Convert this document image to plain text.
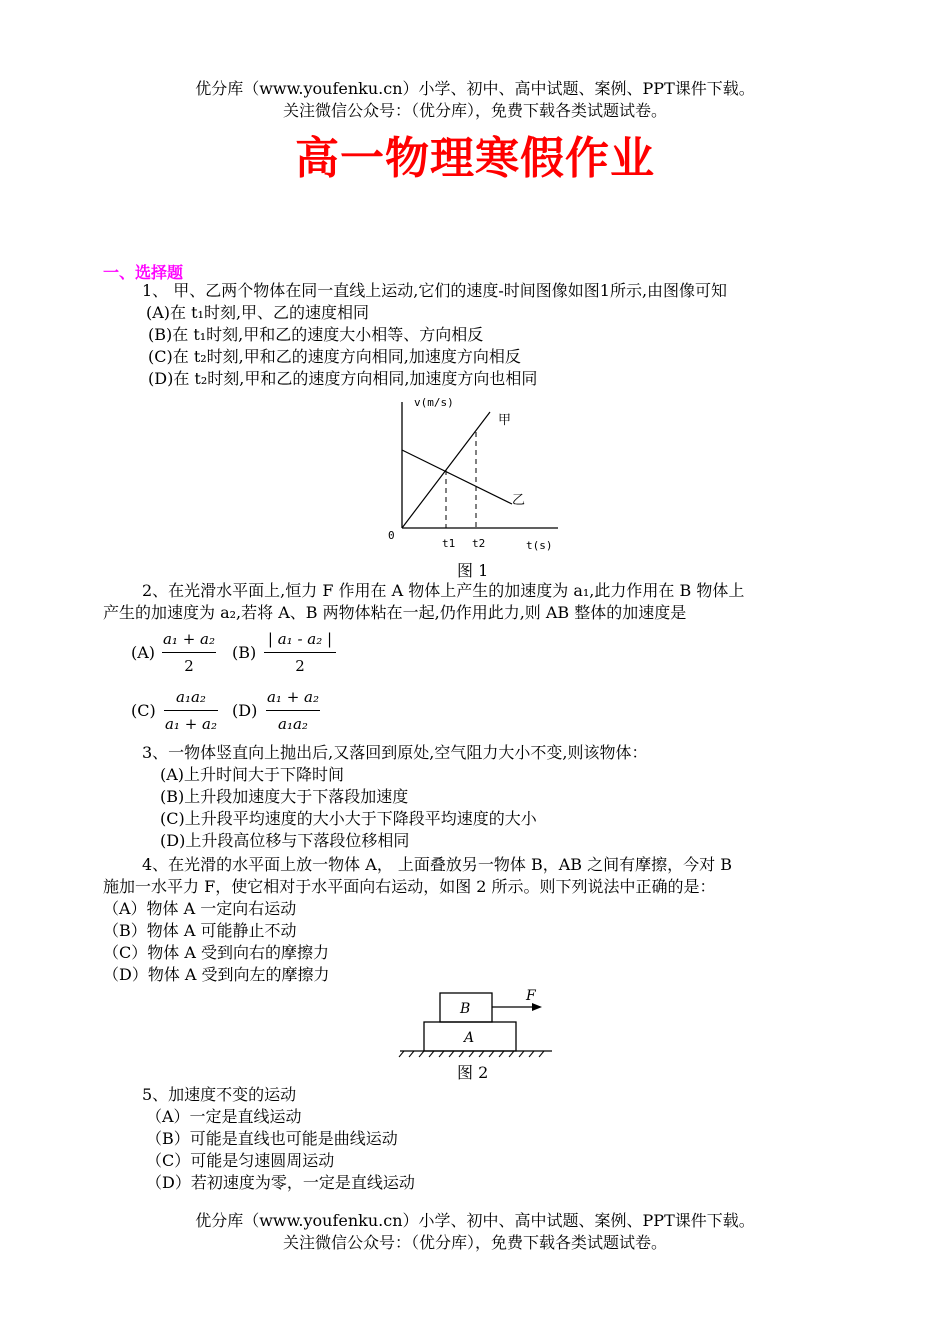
优分库（www.youfenku.cn）小学、初中、高中试题、案例、PPT课件下载。
关注微信公众号：（优分库），免费下载各类试题试卷。
高一物理寒假作业
一、选择题
1、 甲、乙两个物体在同一直线上运动,它们的速度-时间图像如图1所示,由图像可知
(A)在 t₁时刻,甲、乙的速度相同
(B)在 t₁时刻,甲和乙的速度大小相等、方向相反
(C)在 t₂时刻,甲和乙的速度方向相同,加速度方向相反
(D)在 t₂时刻,甲和乙的速度方向相同,加速度方向也相同
v(m/s)
甲
乙
0
t1 t2	t(s)
图 1
2、在光滑水平面上,恒力 F 作用在 A 物体上产生的加速度为 a₁,此力作用在 B 物体上
产生的加速度为 a₂,若将 A、B 两物体粘在一起,仍作用此力,则 AB 整体的加速度是
(A)
a₁ + a₂
2
(B)
| a₁ - a₂ |
2
(C)
a₁a₂
a₁ + a₂
(D)
a₁ + a₂
a₁a₂
3、一物体竖直向上抛出后,又落回到原处,空气阻力大小不变,则该物体：
(A)上升时间大于下降时间
(B)上升段加速度大于下落段加速度
(C)上升段平均速度的大小大于下降段平均速度的大小
(D)上升段高位移与下落段位移相同
4、在光滑的水平面上放一物体 A， 上面叠放另一物体 B，AB 之间有摩擦，今对 B
施加一水平力 F，使它相对于水平面向右运动，如图 2 所示。则下列说法中正确的是：
（A）物体 A 一定向右运动
（B）物体 A 可能静止不动
（C）物体 A 受到向右的摩擦力
（D）物体 A 受到向左的摩擦力
B
A
F
图 2
5、加速度不变的运动
（A）一定是直线运动
（B）可能是直线也可能是曲线运动
（C）可能是匀速圆周运动
（D）若初速度为零，一定是直线运动
优分库（www.youfenku.cn）小学、初中、高中试题、案例、PPT课件下载。
关注微信公众号：（优分库），免费下载各类试题试卷。
